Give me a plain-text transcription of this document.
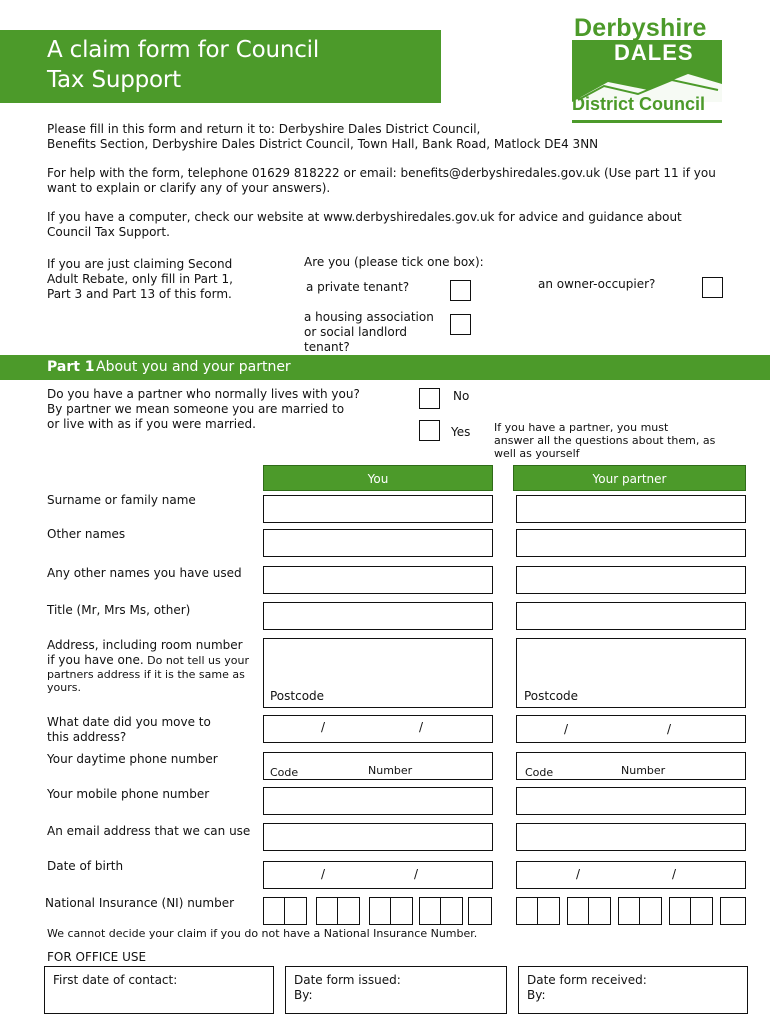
A claim form for Council
Tax Support
Derbyshire
DALES
District Council
Please fill in this form and return it to: Derbyshire Dales District Council,
Benefits Section, Derbyshire Dales District Council, Town Hall, Bank Road, Matlock DE4 3NN
For help with the form, telephone 01629 818222 or email: benefits@derbyshiredales.gov.uk (Use part 11 if you
want to explain or clarify any of your answers).
If you have a computer, check our website at www.derbyshiredales.gov.uk for advice and guidance about
Council Tax Support.
If you are just claiming Second
Adult Rebate, only fill in Part 1,
Part 3 and Part 13 of this form.
Are you (please tick one box):
a private tenant?	an owner-occupier?
a housing association
or social landlord
tenant?
Part 1 About you and your partner
Do you have a partner who normally lives with you?
By partner we mean someone you are married to
or live with as if you were married.
No
Yes If you have a partner, you must
answer all the questions about them, as
well as yourself
You	Your partner
Surname or family name
Other names
Any other names you have used
Title (Mr, Mrs Ms, other)
Address, including room number
if you have one. Do not tell us your
partners address if it is the same as
yours.
Postcode	Postcode
What date did you move to
this address?
/	/	/	/
Your daytime phone number
Code	Number	Code	Number
Your mobile phone number
An email address that we can use
Date of birth
/	/	/	/
National Insurance (NI) number
We cannot decide your claim if you do not have a National Insurance Number.
FOR OFFICE USE
First date of contact:	Date form issued:
By:
Date form received:
By:
